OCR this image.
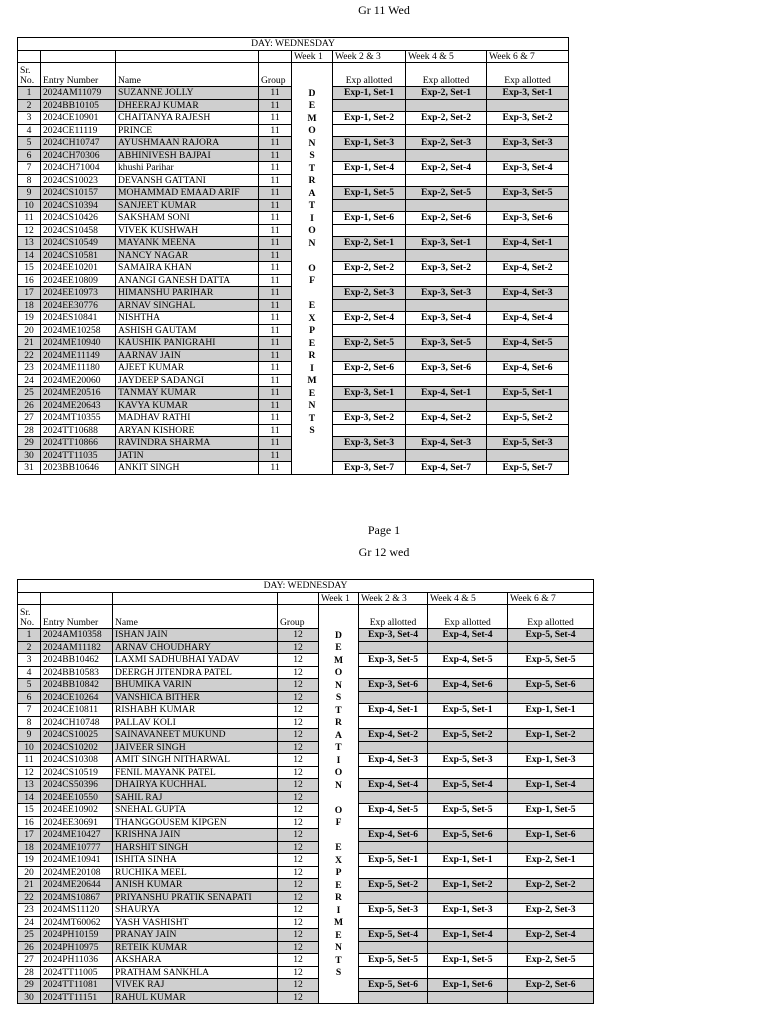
Gr 11 Wed
DAY: WEDNESDAY							
				Week 1	Week 2 & 3	Week 4 & 5	Week 6 & 7
Sr. No.	Entry Number	Name	Group		Exp allotted	Exp allotted	Exp allotted
1	2024AM11079	SUZANNE JOLLY	11	D	Exp-1, Set-1	Exp-2, Set-1	Exp-3, Set-1
2	2024BB10105	DHEERAJ KUMAR	11	E			
3	2024CE10901	CHAITANYA RAJESH	11	M	Exp-1, Set-2	Exp-2, Set-2	Exp-3, Set-2
4	2024CE11119	PRINCE	11	O			
5	2024CH10747	AYUSHMAAN RAJORA	11	N	Exp-1, Set-3	Exp-2, Set-3	Exp-3, Set-3
6	2024CH70306	ABHINIVESH BAJPAI	11	S			
7	2024CH71004	khushi Parihar	11	T	Exp-1, Set-4	Exp-2, Set-4	Exp-3, Set-4
8	2024CS10023	DEVANSH GATTANI	11	R			
9	2024CS10157	MOHAMMAD EMAAD ARIF	11	A	Exp-1, Set-5	Exp-2, Set-5	Exp-3, Set-5
10	2024CS10394	SANJEET KUMAR	11	T			
11	2024CS10426	SAKSHAM SONI	11	I	Exp-1, Set-6	Exp-2, Set-6	Exp-3, Set-6
12	2024CS10458	VIVEK KUSHWAH	11	O			
13	2024CS10549	MAYANK MEENA	11	N	Exp-2, Set-1	Exp-3, Set-1	Exp-4, Set-1
14	2024CS10581	NANCY NAGAR	11				
15	2024EE10201	SAMAIRA KHAN	11	O	Exp-2, Set-2	Exp-3, Set-2	Exp-4, Set-2
16	2024EE10809	ANANGI GANESH DATTA	11	F			
17	2024EE10973	HIMANSHU PARIHAR	11		Exp-2, Set-3	Exp-3, Set-3	Exp-4, Set-3
18	2024EE30776	ARNAV SINGHAL	11	E			
19	2024ES10841	NISHTHA	11	X	Exp-2, Set-4	Exp-3, Set-4	Exp-4, Set-4
20	2024ME10258	ASHISH GAUTAM	11	P			
21	2024ME10940	KAUSHIK PANIGRAHI	11	E	Exp-2, Set-5	Exp-3, Set-5	Exp-4, Set-5
22	2024ME11149	AARNAV JAIN	11	R			
23	2024ME11180	AJEET KUMAR	11	I	Exp-2, Set-6	Exp-3, Set-6	Exp-4, Set-6
24	2024ME20060	JAYDEEP SADANGI	11	M			
25	2024ME20516	TANMAY KUMAR	11	E	Exp-3, Set-1	Exp-4, Set-1	Exp-5, Set-1
26	2024ME20643	KAVYA KUMAR	11	N			
27	2024MT10355	MADHAV RATHI	11	T	Exp-3, Set-2	Exp-4, Set-2	Exp-5, Set-2
28	2024TT10688	ARYAN KISHORE	11	S			
29	2024TT10866	RAVINDRA SHARMA	11		Exp-3, Set-3	Exp-4, Set-3	Exp-5, Set-3
30	2024TT11035	JATIN	11				
31	2023BB10646	ANKIT SINGH	11		Exp-3, Set-7	Exp-4, Set-7	Exp-5, Set-7
Page 1
Gr 12 wed
DAY: WEDNESDAY							
				Week 1	Week 2 & 3	Week 4 & 5	Week 6 & 7
Sr. No.	Entry Number	Name	Group		Exp allotted	Exp allotted	Exp allotted
1	2024AM10358	ISHAN JAIN	12	D	Exp-3, Set-4	Exp-4, Set-4	Exp-5, Set-4
2	2024AM11182	ARNAV CHOUDHARY	12	E			
3	2024BB10462	LAXMI SADHUBHAI YADAV	12	M	Exp-3, Set-5	Exp-4, Set-5	Exp-5, Set-5
4	2024BB10583	DEERGH JITENDRA PATEL	12	O			
5	2024BB10842	BHUMIKA VARIN	12	N	Exp-3, Set-6	Exp-4, Set-6	Exp-5, Set-6
6	2024CE10264	VANSHICA BITHER	12	S			
7	2024CE10811	RISHABH KUMAR	12	T	Exp-4, Set-1	Exp-5, Set-1	Exp-1, Set-1
8	2024CH10748	PALLAV KOLI	12	R			
9	2024CS10025	SAINAVANEET MUKUND	12	A	Exp-4, Set-2	Exp-5, Set-2	Exp-1, Set-2
10	2024CS10202	JAIVEER SINGH	12	T			
11	2024CS10308	AMIT SINGH NITHARWAL	12	I	Exp-4, Set-3	Exp-5, Set-3	Exp-1, Set-3
12	2024CS10519	FENIL MAYANK PATEL	12	O			
13	2024CS50396	DHAIRYA KUCHHAL	12	N	Exp-4, Set-4	Exp-5, Set-4	Exp-1, Set-4
14	2024EE10550	SAHIL RAJ	12				
15	2024EE10902	SNEHAL GUPTA	12	O	Exp-4, Set-5	Exp-5, Set-5	Exp-1, Set-5
16	2024EE30691	THANGGOUSEM KIPGEN	12	F			
17	2024ME10427	KRISHNA JAIN	12		Exp-4, Set-6	Exp-5, Set-6	Exp-1, Set-6
18	2024ME10777	HARSHIT SINGH	12	E			
19	2024ME10941	ISHITA SINHA	12	X	Exp-5, Set-1	Exp-1, Set-1	Exp-2, Set-1
20	2024ME20108	RUCHIKA MEEL	12	P			
21	2024ME20644	ANISH KUMAR	12	E	Exp-5, Set-2	Exp-1, Set-2	Exp-2, Set-2
22	2024MS10867	PRIYANSHU PRATIK SENAPATI	12	R			
23	2024MS11120	SHAURYA	12	I	Exp-5, Set-3	Exp-1, Set-3	Exp-2, Set-3
24	2024MT60062	YASH VASHISHT	12	M			
25	2024PH10159	PRANAY JAIN	12	E	Exp-5, Set-4	Exp-1, Set-4	Exp-2, Set-4
26	2024PH10975	RETEIK KUMAR	12	N			
27	2024PH11036	AKSHARA	12	T	Exp-5, Set-5	Exp-1, Set-5	Exp-2, Set-5
28	2024TT11005	PRATHAM SANKHLA	12	S			
29	2024TT11081	VIVEK RAJ	12		Exp-5, Set-6	Exp-1, Set-6	Exp-2, Set-6
30	2024TT11151	RAHUL KUMAR	12				
